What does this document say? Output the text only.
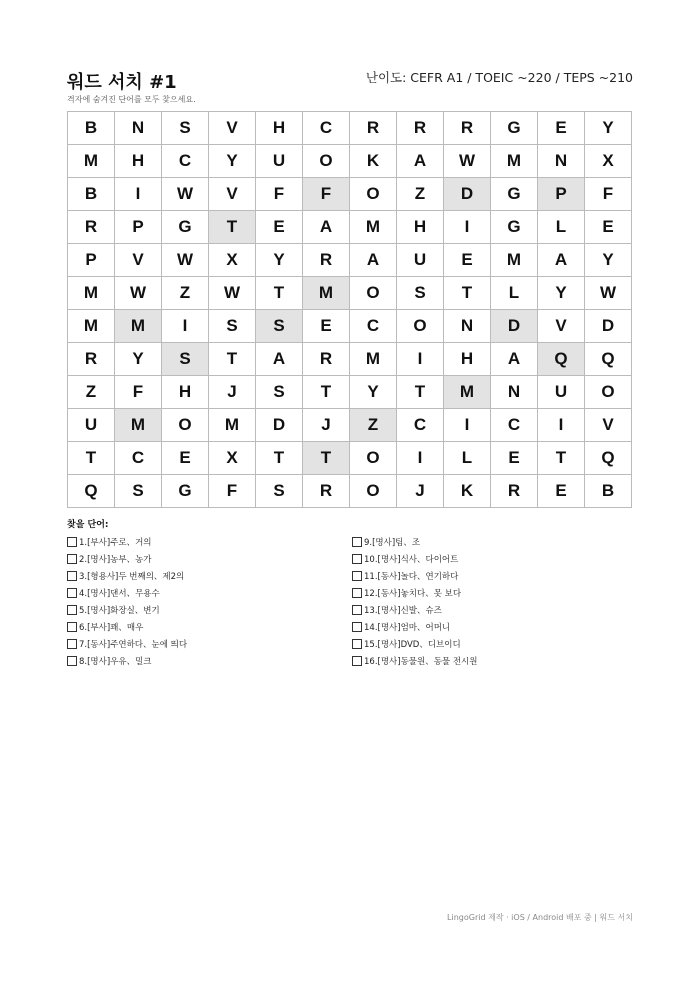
워드 서치 #1	난이도: CEFR A1 / TOEIC ~220 / TEPS ~210
격자에 숨겨진 단어를 모두 찾으세요.
B	N	S	V	H	C	R	R	R	G	E	Y
M	H	C	Y	U	O	K	A	W	M	N	X
B	I	W	V	F	F	O	Z	D	G	P	F
R	P	G	T	E	A	M	H	I	G	L	E
P	V	W	X	Y	R	A	U	E	M	A	Y
M	W	Z	W	T	M	O	S	T	L	Y	W
M	M	I	S	S	E	C	O	N	D	V	D
R	Y	S	T	A	R	M	I	H	A	Q	Q
Z	F	H	J	S	T	Y	T	M	N	U	O
U	M	O	M	D	J	Z	C	I	C	I	V
T	C	E	X	T	T	O	I	L	E	T	Q
Q	S	G	F	S	R	O	J	K	R	E	B
찾을 단어:
1.[부사]주로、거의
2.[명사]농부、농가
3.[형용사]두 번째의、제2의
4.[명사]댄서、무용수
5.[명사]화장실、변기
6.[부사]꽤、매우
7.[동사]주연하다、눈에 띄다
8.[명사]우유、밀크
9.[명사]팀、조
10.[명사]식사、다이어트
11.[동사]놀다、연기하다
12.[동사]놓치다、못 보다
13.[명사]신발、슈즈
14.[명사]엄마、어머니
15.[명사]DVD、디브이디
16.[명사]동물원、동물 전시원
LingoGrid 제작 · iOS / Android 배포 중 | 워드 서치
